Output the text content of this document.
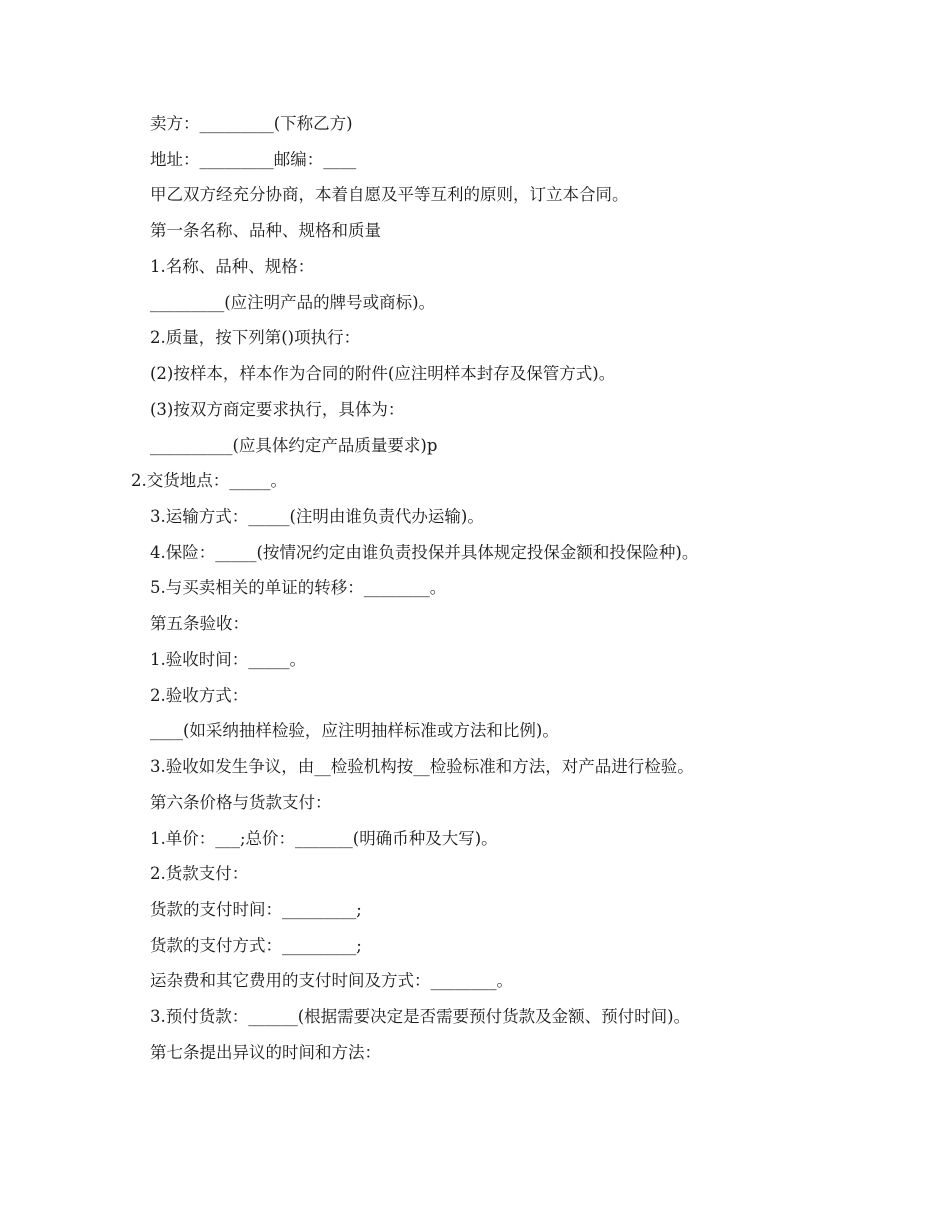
卖方：_________(下称乙方)
地址：_________邮编：____
甲乙双方经充分协商，本着自愿及平等互利的原则，订立本合同。
第一条名称、品种、规格和质量
1.名称、品种、规格：
_________(应注明产品的牌号或商标)。
2.质量，按下列第()项执行：
(2)按样本，样本作为合同的附件(应注明样本封存及保管方式)。
(3)按双方商定要求执行，具体为：
__________(应具体约定产品质量要求)p
2.交货地点：_____。
3.运输方式：_____(注明由谁负责代办运输)。
4.保险：_____(按情况约定由谁负责投保并具体规定投保金额和投保险种)。
5.与买卖相关的单证的转移：________。
第五条验收：
1.验收时间：_____。
2.验收方式：
____(如采纳抽样检验，应注明抽样标准或方法和比例)。
3.验收如发生争议，由__检验机构按__检验标准和方法，对产品进行检验。
第六条价格与货款支付：
1.单价：___;总价：_______(明确币种及大写)。
2.货款支付：
货款的支付时间：_________;
货款的支付方式：_________;
运杂费和其它费用的支付时间及方式：________。
3.预付货款：______(根据需要决定是否需要预付货款及金额、预付时间)。
第七条提出异议的时间和方法：
